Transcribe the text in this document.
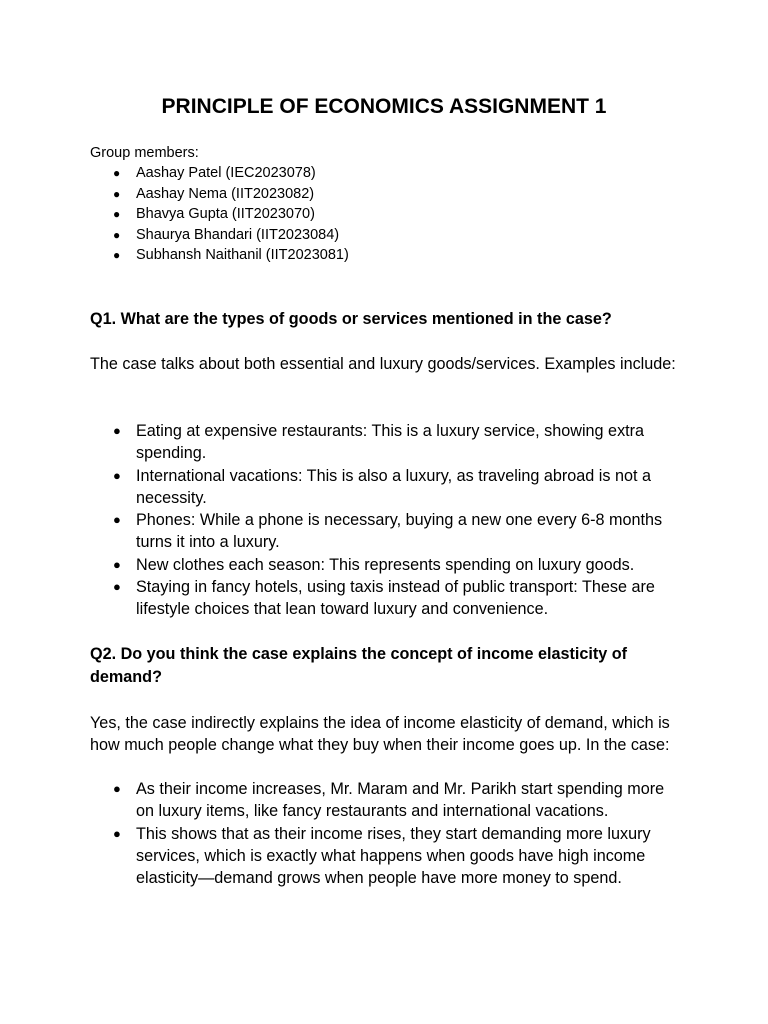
PRINCIPLE OF ECONOMICS ASSIGNMENT 1

Group members:

● Aashay Patel (IEC2023078)
● Aashay Nema (IIT2023082)
● Bhavya Gupta (IIT2023070)
● Shaurya Bhandari (IIT2023084)
● Subhansh Naithanil (IIT2023081)
Q1. What are the types of goods or services mentioned in the case?

The case talks about both essential and luxury goods/services. Examples include:

● Eating at expensive restaurants: This is a luxury service, showing extra spending.
● International vacations: This is also a luxury, as traveling abroad is not a necessity.
● Phones: While a phone is necessary, buying a new one every 6-8 months turns it into a luxury.
● New clothes each season: This represents spending on luxury goods.
● Staying in fancy hotels, using taxis instead of public transport: These are lifestyle choices that lean toward luxury and convenience.
Q2. Do you think the case explains the concept of income elasticity of demand?

Yes, the case indirectly explains the idea of income elasticity of demand, which is how much people change what they buy when their income goes up. In the case:

● As their income increases, Mr. Maram and Mr. Parikh start spending more on luxury items, like fancy restaurants and international vacations.
● This shows that as their income rises, they start demanding more luxury services, which is exactly what happens when goods have high income elasticity—demand grows when people have more money to spend.
